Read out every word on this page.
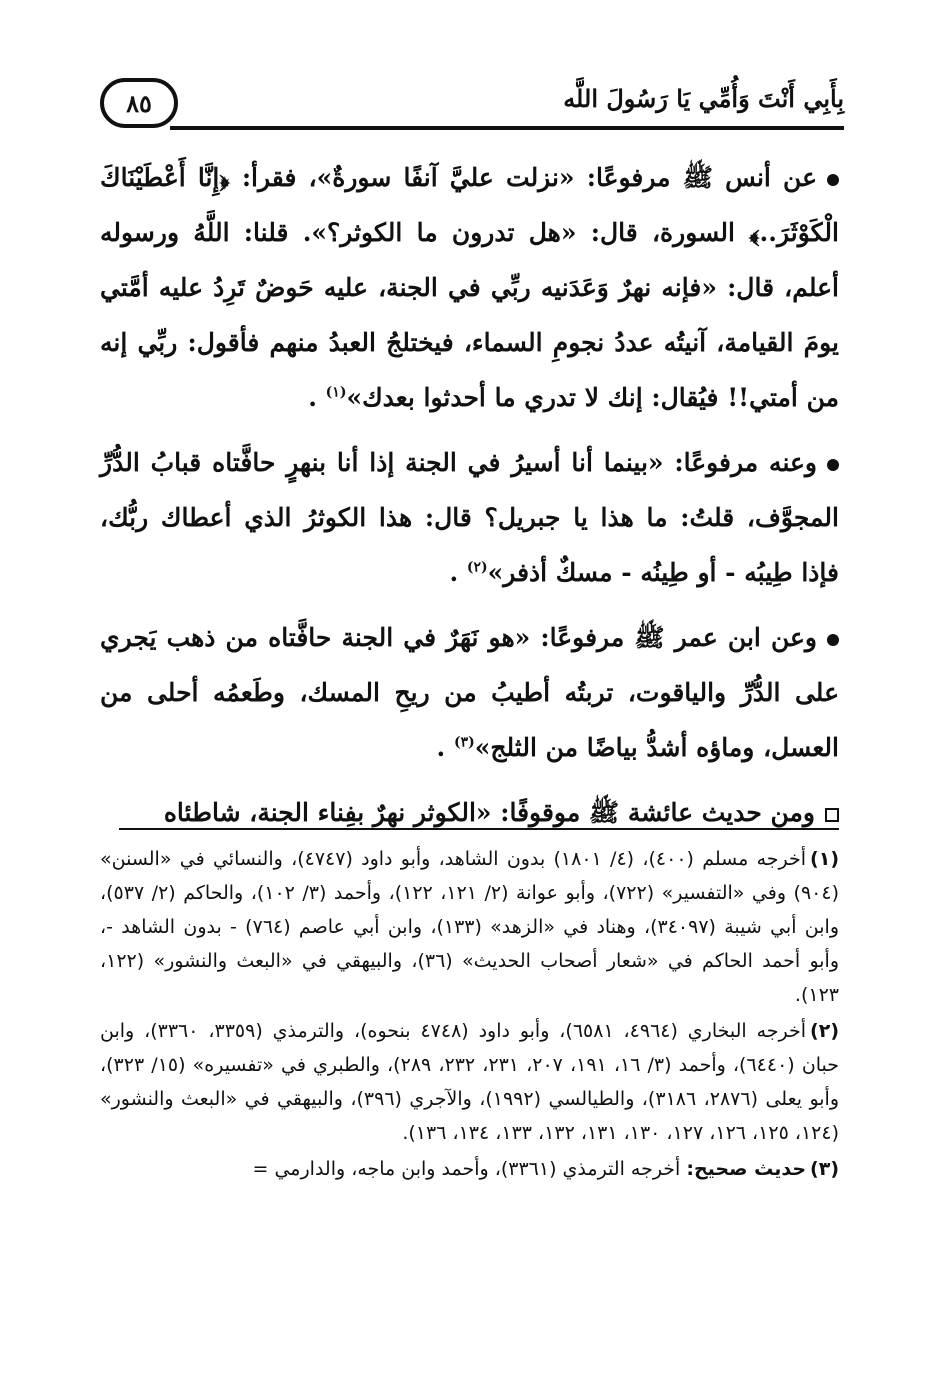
٨٥	بِأَبِي أَنْتَ وَأُمِّي يَا رَسُولَ اللَّه

عن أنس ﷺ مرفوعًا: «نزلت عليَّ آنفًا سورةٌ»، فقرأ: ﴿إِنَّا أَعْطَيْنَاكَ الْكَوْثَرَ..﴾ السورة، قال: «هل تدرون ما الكوثر؟». قلنا: اللَّهُ ورسوله أعلم، قال: «فإنه نهرٌ وَعَدَنيه ربِّي في الجنة، عليه حَوضٌ تَرِدُ عليه أمَّتي يومَ القيامة، آنيتُه عددُ نجومِ السماء، فيختلجُ العبدُ منهم فأقول: ربِّي إنه من أمتي!! فيُقال: إنك لا تدري ما أحدثوا بعدك»$^{(١)}$ .

وعنه مرفوعًا: «بينما أنا أسيرُ في الجنة إذا أنا بنهرٍ حافَّتاه قبابُ الدُّرِّ المجوَّف، قلتُ: ما هذا يا جبريل؟ قال: هذا الكوثرُ الذي أعطاك ربُّك، فإذا طِيبُه - أو طِينُه - مسكٌ أذفر»$^{(٢)}$ .

وعن ابن عمر ﷺ مرفوعًا: «هو نَهَرٌ في الجنة حافَّتاه من ذهب يَجري على الدُّرِّ والياقوت، تربتُه أطيبُ من ريحِ المسك، وطَعمُه أحلى من العسل، وماؤه أشدُّ بياضًا من الثلج»$^{(٣)}$ .

ومن حديث عائشة ﷺ موقوفًا: «الكوثر نهرٌ بفِناء الجنة، شاطئاه

(١)أخرجه مسلم (٤٠٠)، (٤/ ١٨٠١) بدون الشاهد، وأبو داود (٤٧٤٧)، والنسائي في «السنن» (٩٠٤) وفي «التفسير» (٧٢٢)، وأبو عوانة (٢/ ١٢١، ١٢٢)، وأحمد (٣/ ١٠٢)، والحاكم (٢/ ٥٣٧)، وابن أبي شيبة (٣٤٠٩٧)، وهناد في «الزهد» (١٣٣)، وابن أبي عاصم (٧٦٤) - بدون الشاهد -، وأبو أحمد الحاكم في «شعار أصحاب الحديث» (٣٦)، والبيهقي في «البعث والنشور» (١٢٢، ١٢٣).

(٢)أخرجه البخاري (٤٩٦٤، ٦٥٨١)، وأبو داود (٤٧٤٨ بنحوه)، والترمذي (٣٣٥٩، ٣٣٦٠)، وابن حبان (٦٤٤٠)، وأحمد (٣/ ١٦، ١٩١، ٢٠٧، ٢٣١، ٢٣٢، ٢٨٩)، والطبري في «تفسيره» (١٥/ ٣٢٣)، وأبو يعلى (٢٨٧٦، ٣١٨٦)، والطيالسي (١٩٩٢)، والآجري (٣٩٦)، والبيهقي في «البعث والنشور» (١٢٤، ١٢٥، ١٢٦، ١٢٧، ١٣٠، ١٣١، ١٣٢، ١٣٣، ١٣٤، ١٣٦).

(٣)حديث صحيح: أخرجه الترمذي (٣٣٦١)، وأحمد وابن ماجه، والدارمي =
